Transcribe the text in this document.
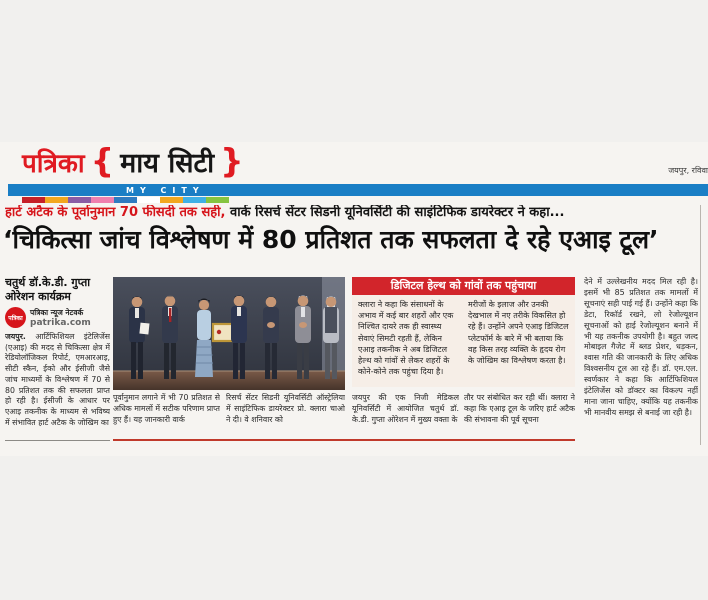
पत्रिका { माय सिटी }	जयपुर, रविवा
MY CITY
हार्ट अटैक के पूर्वानुमान 70 फीसदी तक सही, वार्क रिसर्च सेंटर सिडनी यूनिवर्सिटी की साइंटिफिक डायरेक्टर ने कहा...
‘चिकित्सा जांच विश्लेषण में 80 प्रतिशत तक सफलता दे रहे एआइ टूल’
चतुर्थ डॉ.के.डी. गुप्ता ओरेशन कार्यक्रम
पत्रिका
पत्रिका न्यूज नेटवर्क
patrika.com
जयपुर. आर्टिफिशियल इंटेलिजेंस (एआइ) की मदद से चिकित्सा क्षेत्र में रेडियोलॉजिकल रिपोर्ट, एमआरआइ, सीटी स्कैन, ईको और ईसीजी जैसे जांच माध्यमों के विश्लेषण में 70 से 80 प्रतिशत तक की सफलता प्राप्त हो रही है। ईसीजी के आधार पर एआइ तकनीक के माध्यम से भविष्य में संभावित हार्ट अटैक के जोखिम का
पूर्वानुमान लगाने में भी 70 प्रतिशत से अधिक मामलों में सटीक परिणाम प्राप्त हुए हैं। यह जानकारी वार्क
रिसर्च सेंटर सिडनी यूनिवर्सिटी ऑस्ट्रेलिया में साइंटिफिक डायरेक्टर प्रो. क्लारा चाओ ने दी। वे शनिवार को
डिजिटल हेल्थ को गांवों तक पहुंचाया
क्लारा ने कहा कि संसाधनों के अभाव में कई बार शहरों और एक निश्चित दायरे तक ही स्वास्थ्य सेवाएं सिमटी रहती हैं, लेकिन एआइ तकनीक ने अब डिजिटल हेल्थ को गांवों से लेकर शहरों के कोने-कोने तक पहुंचा दिया है।
मरीजों के इलाज और उनकी देखभाल में नए तरीके विकसित हो रहे हैं। उन्होंने अपने एआइ डिजिटल प्लेटफॉर्म के बारे में भी बताया कि वह किस तरह व्यक्ति के हृदय रोग के जोखिम का विश्लेषण करता है।
जयपुर की एक निजी मेडिकल यूनिवर्सिटी में आयोजित चतुर्थ डॉ. के.डी. गुप्ता ओरेशन में मुख्य वक्ता के
तौर पर संबोधित कर रही थीं। क्लारा ने कहा कि एआइ टूल के जरिए हार्ट अटैक की संभावना की पूर्व सूचना
देने में उल्लेखनीय मदद मिल रही है। इसमें भी 85 प्रतिशत तक मामलों में सूचनाएं सही पाई गई हैं। उन्होंने कहा कि डेटा, रिकॉर्ड रखने, लो रेजोल्यूशन सूचनाओं को हाई रेजोल्यूशन बनाने में भी यह तकनीक उपयोगी है। बहुत जल्द मोबाइल गैजेट में ब्लड प्रेशर, धड़कन, श्वास गति की जानकारी के लिए अधिक विश्वसनीय टूल आ रहे हैं। डॉ. एम.एल. स्वर्णकार ने कहा कि आर्टिफिशियल इंटेलिजेंस को डॉक्टर का विकल्प नहीं माना जाना चाहिए, क्योंकि यह तकनीक भी मानवीय समझ से बनाई जा रही है।
